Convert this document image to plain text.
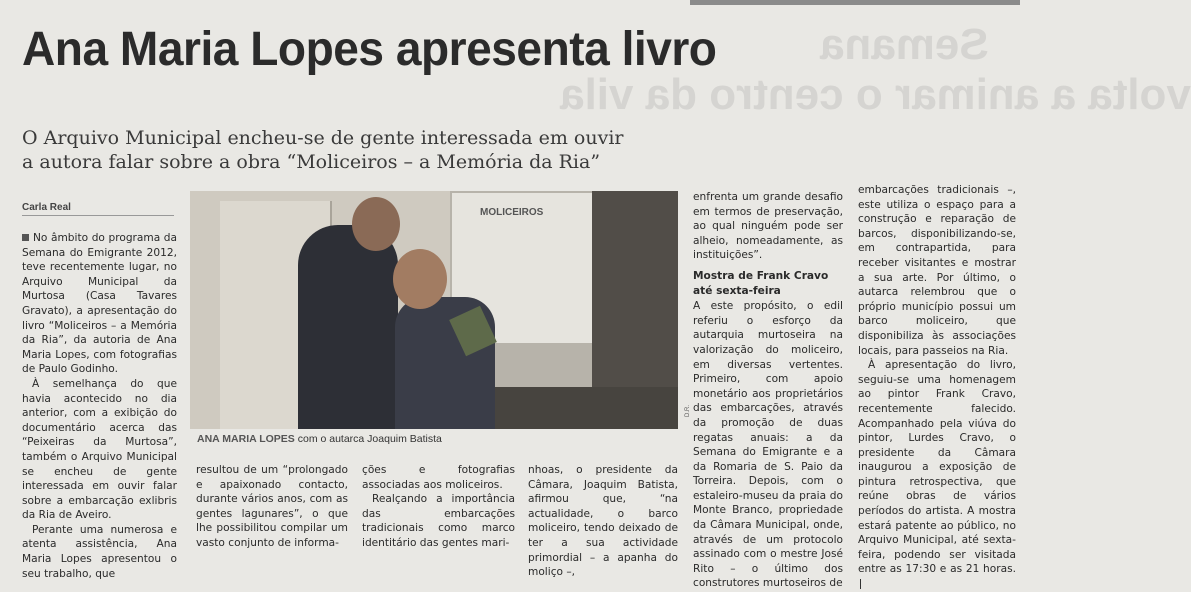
Semana
volta a animar o centro da vila
Ana Maria Lopes apresenta livro
O Arquivo Municipal encheu-se de gente interessada em ouvir
a autora falar sobre a obra “Moliceiros – a Memória da Ria”
Carla Real

No âmbito do programa da Semana do Emigrante 2012, teve recentemente lugar, no Arquivo Municipal da Murtosa (Casa Tavares Gravato), a apresentação do livro “Moliceiros – a Memória da Ria”, da autoria de Ana Maria Lopes, com fotografias de Paulo Godinho.

À semelhança do que havia acontecido no dia anterior, com a exibição do documentário acerca das “Peixeiras da Murtosa”, também o Arquivo Municipal se encheu de gente interessada em ouvir falar sobre a embarcação exlibris da Ria de Aveiro.

Perante uma numerosa e atenta assistência, Ana Maria Lopes apresentou o seu trabalho, que

MOLICEIROS
D.R.
ANA MARIA LOPES com o autarca Joaquim Batista

resultou de um “prolongado e apaixonado contacto, durante vários anos, com as gentes lagunares”, o que lhe possibilitou compilar um vasto conjunto de informa-

ções e fotografias associadas aos moliceiros.

Realçando a importância das embarcações tradicionais como marco identitário das gentes mari-

nhoas, o presidente da Câmara, Joaquim Batista, afirmou que, “na actualidade, o barco moliceiro, tendo deixado de ter a sua actividade primordial – a apanha do moliço –,

enfrenta um grande desafio em termos de preservação, ao qual ninguém pode ser alheio, nomeadamente, as instituições”.

Mostra de Frank Cravo
até sexta-feira

A este propósito, o edil referiu o esforço da autarquia murtoseira na valorização do moliceiro, em diversas vertentes. Primeiro, com apoio monetário aos proprietários das embarcações, através da promoção de duas regatas anuais: a da Semana do Emigrante e a da Romaria de S. Paio da Torreira. Depois, com o estaleiro-museu da praia do Monte Branco, propriedade da Câmara Municipal, onde, através de um protocolo assinado com o mestre José Rito – o último dos construtores murtoseiros de

embarcações tradicionais –, este utiliza o espaço para a construção e reparação de barcos, disponibilizando-se, em contrapartida, para receber visitantes e mostrar a sua arte. Por último, o autarca relembrou que o próprio município possui um barco moliceiro, que disponibiliza às associações locais, para passeios na Ria.

À apresentação do livro, seguiu-se uma homenagem ao pintor Frank Cravo, recentemente falecido. Acompanhado pela viúva do pintor, Lurdes Cravo, o presidente da Câmara inaugurou a exposição de pintura retrospectiva, que reúne obras de vários períodos do artista. A mostra estará patente ao público, no Arquivo Municipal, até sexta-feira, podendo ser visitada entre as 17:30 e as 21 horas.
